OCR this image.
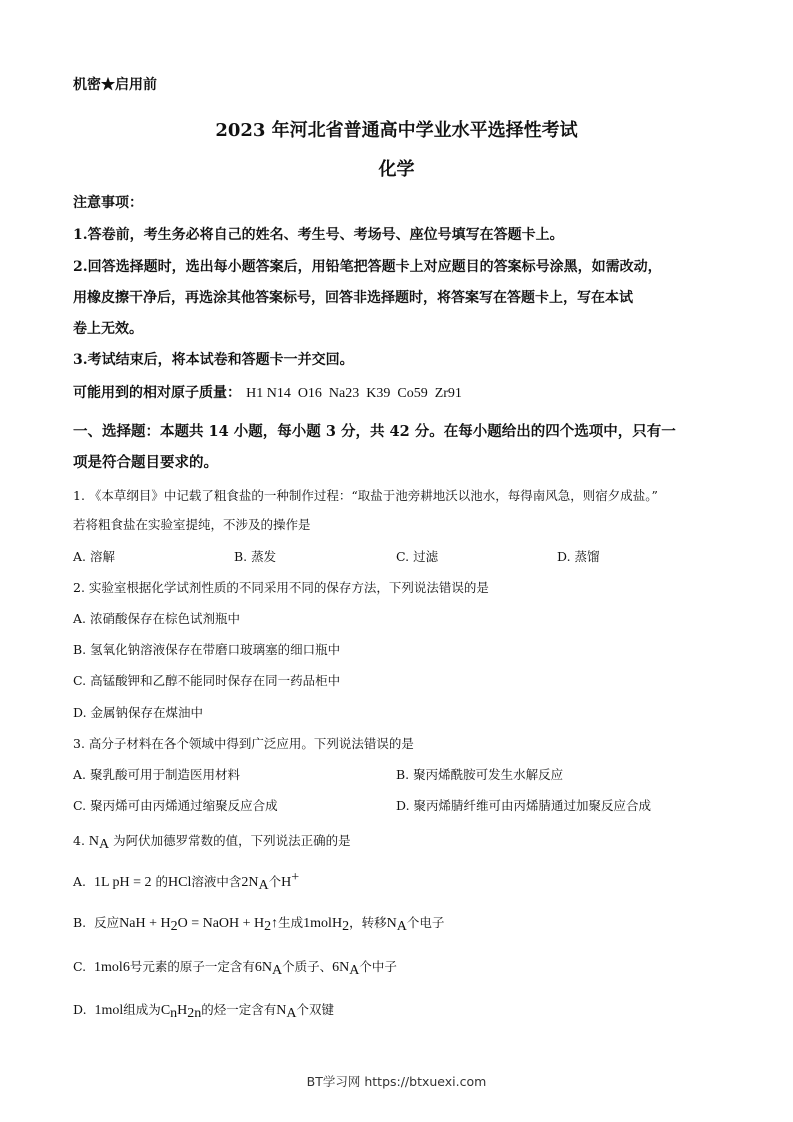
机密★启用前
2023 年河北省普通高中学业水平选择性考试
化学
注意事项：
1.答卷前，考生务必将自己的姓名、考生号、考场号、座位号填写在答题卡上。
2.回答选择题时，选出每小题答案后，用铅笔把答题卡上对应题目的答案标号涂黑，如需改动，
用橡皮擦干净后，再选涂其他答案标号，回答非选择题时，将答案写在答题卡上，写在本试
卷上无效。
3.考试结束后，将本试卷和答题卡一并交回。
可能用到的相对原子质量： H1 N14  O16  Na23  K39  Co59  Zr91
一、选择题：本题共 14 小题，每小题 3 分，共 42 分。在每小题给出的四个选项中，只有一
项是符合题目要求的。
1. 《本草纲目》中记载了粗食盐的一种制作过程：“取盐于池旁耕地沃以池水，每得南风急，则宿夕成盐。”
若将粗食盐在实验室提纯，不涉及的操作是
A. 溶解	B. 蒸发	C. 过滤	D. 蒸馏
2. 实验室根据化学试剂性质的不同采用不同的保存方法，下列说法错误的是
A. 浓硝酸保存在棕色试剂瓶中
B. 氢氧化钠溶液保存在带磨口玻璃塞的细口瓶中
C. 高锰酸钾和乙醇不能同时保存在同一药品柜中
D. 金属钠保存在煤油中
3. 高分子材料在各个领域中得到广泛应用。下列说法错误的是
A. 聚乳酸可用于制造医用材料	B. 聚丙烯酰胺可发生水解反应
C. 聚丙烯可由丙烯通过缩聚反应合成	D. 聚丙烯腈纤维可由丙烯腈通过加聚反应合成
4. $N_A$ 为阿伏加德罗常数的值，下列说法正确的是
A. 1L pH = 2 的HCl溶液中含$2N_A$个H+
B. 反应NaH + $H_2O$ = NaOH + $H_2↑$生成1molH$_2$，转移$N_A$个电子
C. 1mol6号元素的原子一定含有$6N_A$个质子、$6N_A$个中子
D. 1mol组成为$C_nH_{2n}$的烃一定含有$N_A$个双键
BT学习网 https://btxuexi.com
